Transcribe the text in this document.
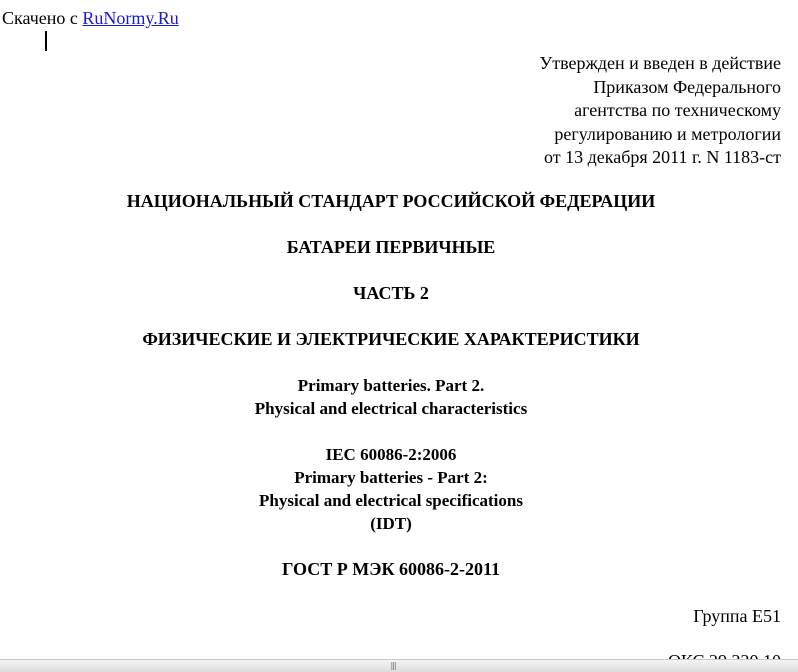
Скачено с RuNormy.Ru
Утвержден и введен в действие
Приказом Федерального
агентства по техническому
регулированию и метрологии
от 13 декабря 2011 г. N 1183-ст
НАЦИОНАЛЬНЫЙ СТАНДАРТ РОССИЙСКОЙ ФЕДЕРАЦИИ
БАТАРЕИ ПЕРВИЧНЫЕ
ЧАСТЬ 2
ФИЗИЧЕСКИЕ И ЭЛЕКТРИЧЕСКИЕ ХАРАКТЕРИСТИКИ
Primary batteries. Part 2.
Physical and electrical characteristics
IEC 60086-2:2006
Primary batteries - Part 2:
Physical and electrical specifications
(IDT)
ГОСТ Р МЭК 60086-2-2011
Группа Е51
|||
